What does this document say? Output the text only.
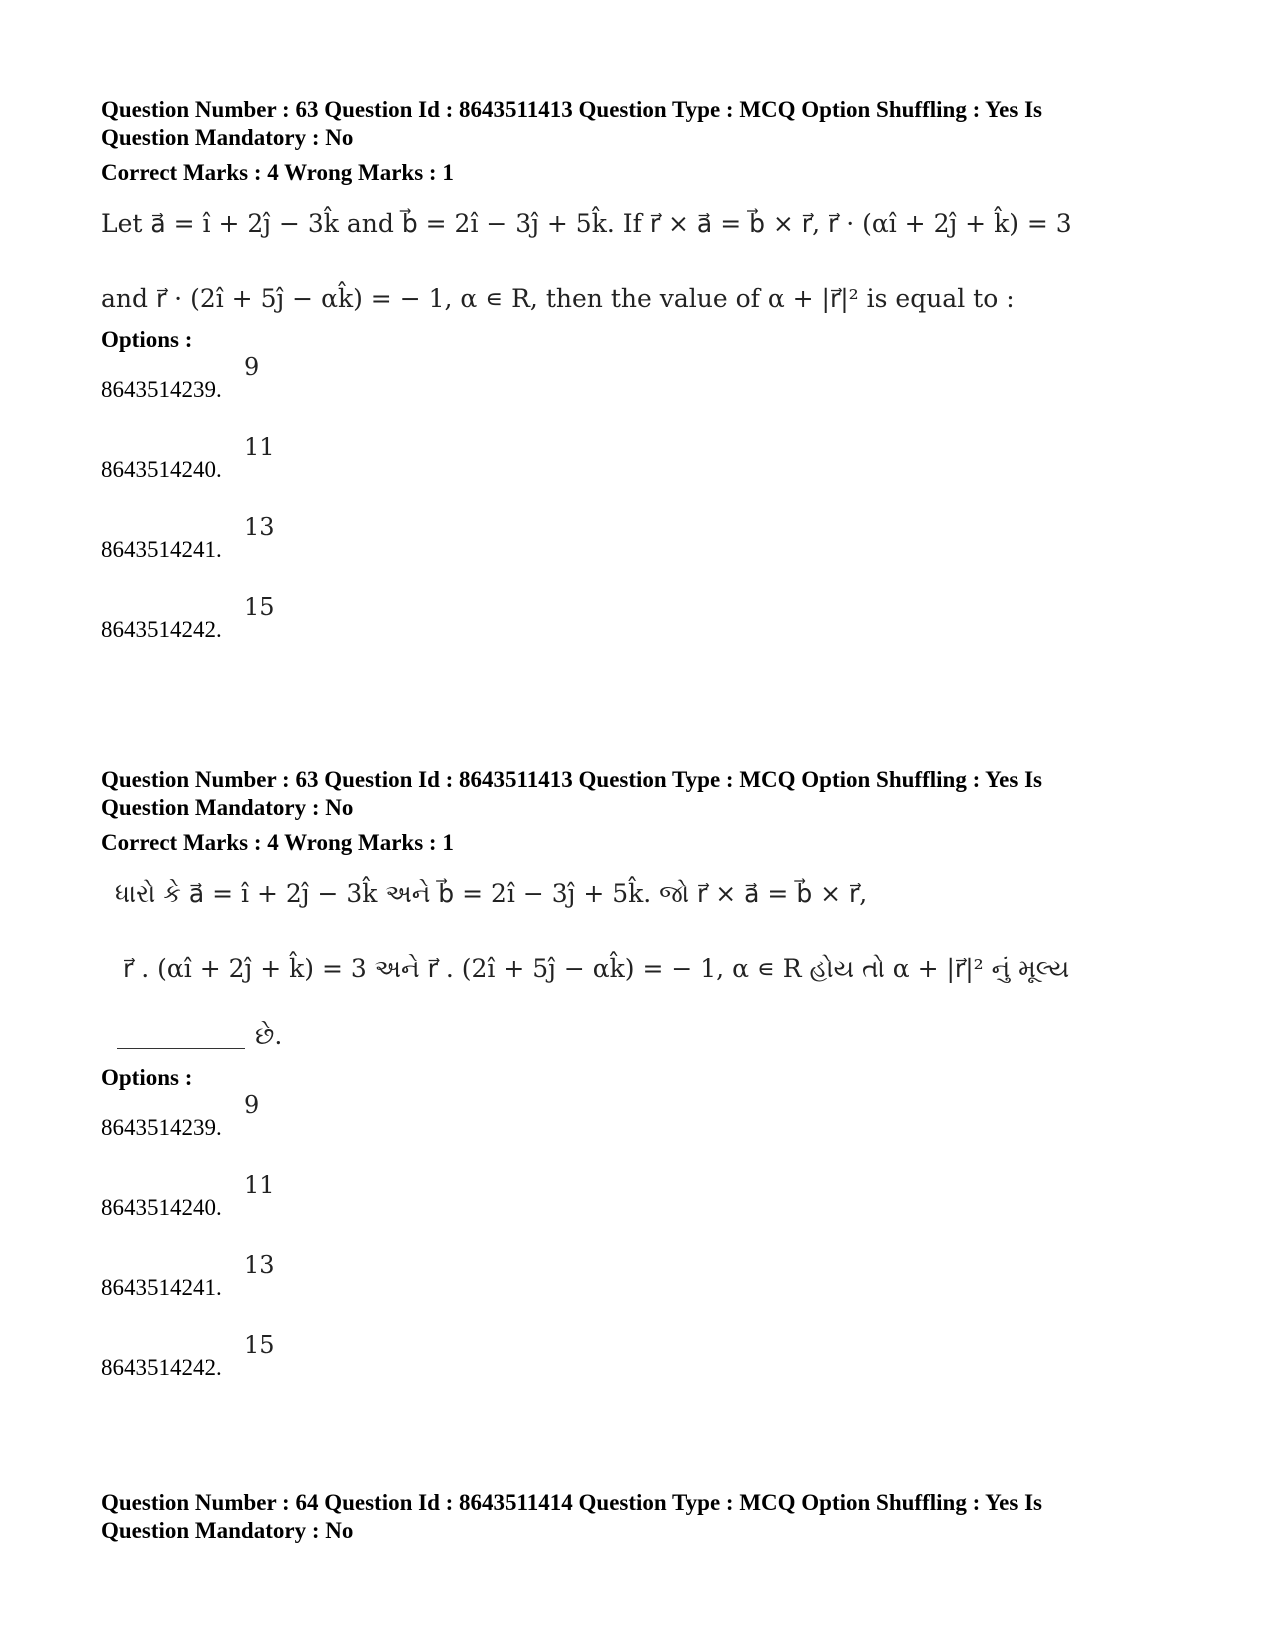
Question Number : 63 Question Id : 8643511413 Question Type : MCQ Option Shuffling : Yes Is

Question Mandatory : No

Correct Marks : 4 Wrong Marks : 1

Let a⃗ = î + 2ĵ − 3k̂ and b⃗ = 2î − 3ĵ + 5k̂. If r⃗ × a⃗ = b⃗ × r⃗, r⃗ · (αî + 2ĵ + k̂) = 3
and r⃗ · (2î + 5ĵ − αk̂) = − 1, α ∊ R, then the value of α + |r⃗|² is equal to :
Options :
8643514239.
9
8643514240.
11
8643514241.
13
8643514242.
15

Question Number : 63 Question Id : 8643511413 Question Type : MCQ Option Shuffling : Yes Is

Question Mandatory : No

Correct Marks : 4 Wrong Marks : 1

ધારો કે a⃗ = î + 2ĵ − 3k̂ અને b⃗ = 2î − 3ĵ + 5k̂. જો r⃗ × a⃗ = b⃗ × r⃗,
r⃗ . (αî + 2ĵ + k̂) = 3 અને r⃗ . (2î + 5ĵ − αk̂) = − 1, α ∊ R હોય તો α + |r⃗|² નું મૂલ્ય
છે.
Options :
8643514239.
9
8643514240.
11
8643514241.
13
8643514242.
15

Question Number : 64 Question Id : 8643511414 Question Type : MCQ Option Shuffling : Yes Is

Question Mandatory : No
